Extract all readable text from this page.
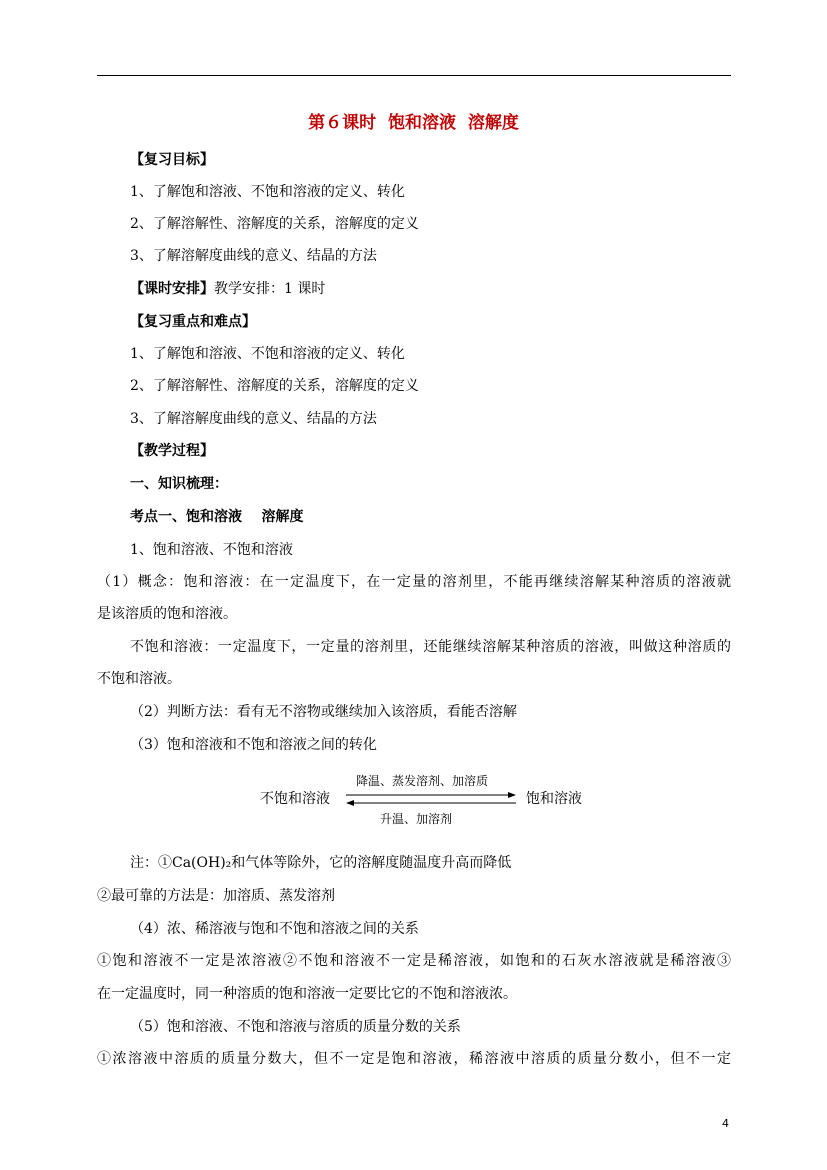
第６课时  饱和溶液  溶解度
【复习目标】
1、了解饱和溶液、不饱和溶液的定义、转化
2、了解溶解性、溶解度的关系，溶解度的定义
3、了解溶解度曲线的意义、结晶的方法
【课时安排】教学安排：1 课时
【复习重点和难点】
1、了解饱和溶液、不饱和溶液的定义、转化
2、了解溶解性、溶解度的关系，溶解度的定义
3、了解溶解度曲线的意义、结晶的方法
【教学过程】
一、知识梳理：
考点一、饱和溶液    溶解度
1、饱和溶液、不饱和溶液
（1）概念：饱和溶液：在一定温度下，在一定量的溶剂里，不能再继续溶解某种溶质的溶液就
是该溶质的饱和溶液。
不饱和溶液：一定温度下，一定量的溶剂里，还能继续溶解某种溶质的溶液，叫做这种溶质的
不饱和溶液。
（2）判断方法：看有无不溶物或继续加入该溶质，看能否溶解
（3）饱和溶液和不饱和溶液之间的转化
不饱和溶液
降温、蒸发溶剂、加溶质
升温、加溶剂
饱和溶液
注：①Ca(OH)₂和气体等除外，它的溶解度随温度升高而降低
②最可靠的方法是：加溶质、蒸发溶剂
（4）浓、稀溶液与饱和不饱和溶液之间的关系
①饱和溶液不一定是浓溶液②不饱和溶液不一定是稀溶液，如饱和的石灰水溶液就是稀溶液③
在一定温度时，同一种溶质的饱和溶液一定要比它的不饱和溶液浓。
（5）饱和溶液、不饱和溶液与溶质的质量分数的关系
①浓溶液中溶质的质量分数大，但不一定是饱和溶液，稀溶液中溶质的质量分数小，但不一定
4
